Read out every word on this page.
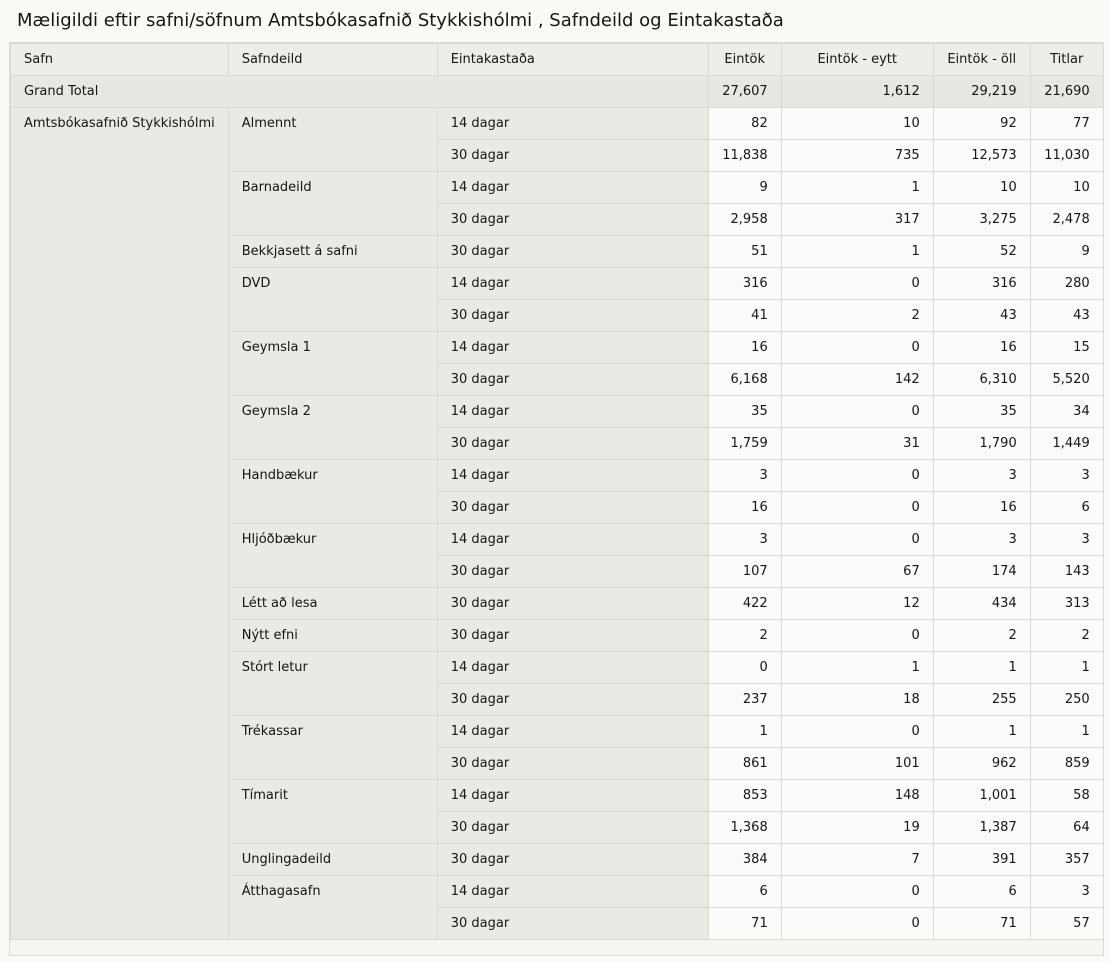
Mæligildi eftir safni/söfnum Amtsbókasafnið Stykkishólmi , Safndeild og Eintakastaða
Safn	Safndeild	Eintakastaða	Eintök	Eintök - eytt	Eintök - öll	Titlar
Grand Total			27,607	1,612	29,219	21,690
Amtsbókasafnið Stykkishólmi	Almennt	14 dagar	82	10	92	77
		30 dagar	11,838	735	12,573	11,030
	Barnadeild	14 dagar	9	1	10	10
		30 dagar	2,958	317	3,275	2,478
	Bekkjasett á safni	30 dagar	51	1	52	9
	DVD	14 dagar	316	0	316	280
		30 dagar	41	2	43	43
	Geymsla 1	14 dagar	16	0	16	15
		30 dagar	6,168	142	6,310	5,520
	Geymsla 2	14 dagar	35	0	35	34
		30 dagar	1,759	31	1,790	1,449
	Handbækur	14 dagar	3	0	3	3
		30 dagar	16	0	16	6
	Hljóðbækur	14 dagar	3	0	3	3
		30 dagar	107	67	174	143
	Létt að lesa	30 dagar	422	12	434	313
	Nýtt efni	30 dagar	2	0	2	2
	Stórt letur	14 dagar	0	1	1	1
		30 dagar	237	18	255	250
	Trékassar	14 dagar	1	0	1	1
		30 dagar	861	101	962	859
	Tímarit	14 dagar	853	148	1,001	58
		30 dagar	1,368	19	1,387	64
	Unglingadeild	30 dagar	384	7	391	357
	Átthagasafn	14 dagar	6	0	6	3
		30 dagar	71	0	71	57
